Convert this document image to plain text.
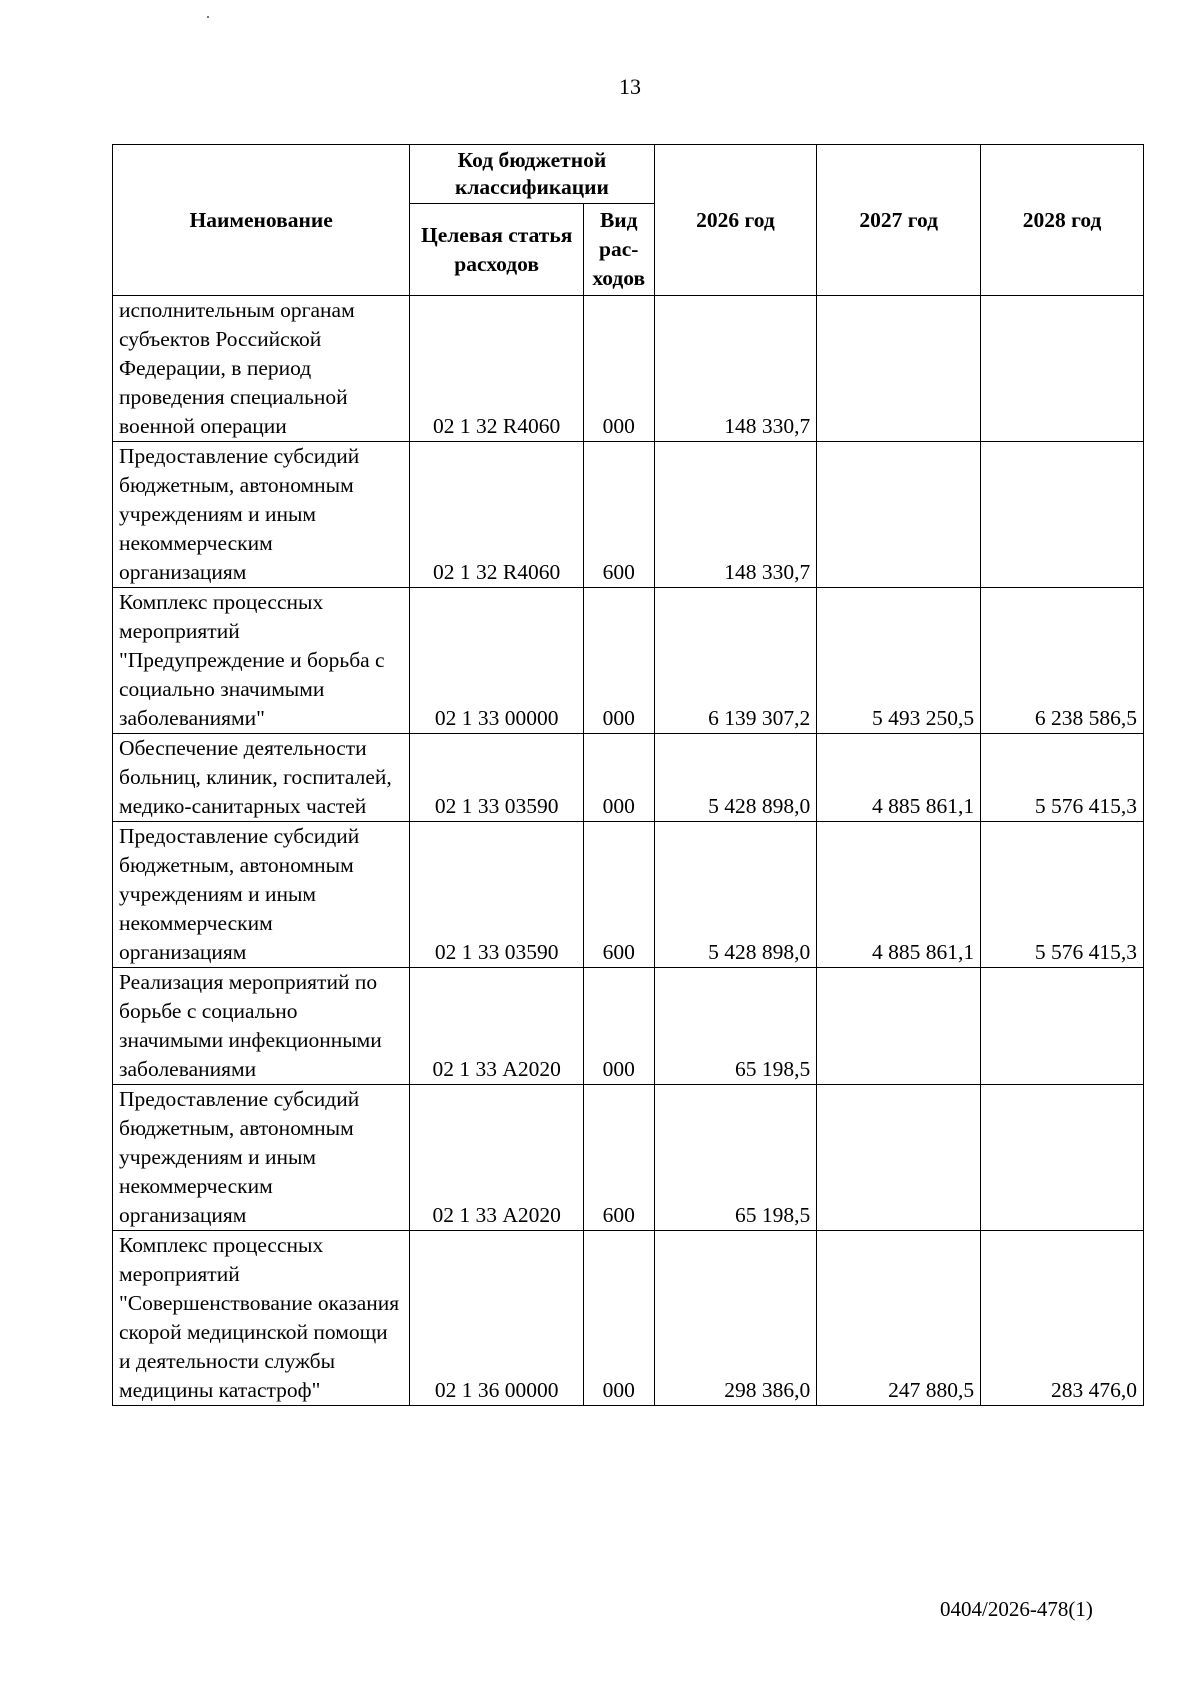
13
Наименование	Код бюджетной классификации		2026 год	2027 год	2028 год
	Целевая статья расходов	Вид рас-ходов			
исполнительным органам субъектов Российской Федерации, в период проведения специальной военной операции	02 1 32 R4060	000	148 330,7		
Предоставление субсидий бюджетным, автономным учреждениям и иным некоммерческим организациям	02 1 32 R4060	600	148 330,7		
Комплекс процессных мероприятий "Предупреждение и борьба с социально значимыми заболеваниями"	02 1 33 00000	000	6 139 307,2	5 493 250,5	6 238 586,5
Обеспечение деятельности больниц, клиник, госпиталей, медико-санитарных частей	02 1 33 03590	000	5 428 898,0	4 885 861,1	5 576 415,3
Предоставление субсидий бюджетным, автономным учреждениям и иным некоммерческим организациям	02 1 33 03590	600	5 428 898,0	4 885 861,1	5 576 415,3
Реализация мероприятий по борьбе с социально значимыми инфекционными заболеваниями	02 1 33 А2020	000	65 198,5		
Предоставление субсидий бюджетным, автономным учреждениям и иным некоммерческим организациям	02 1 33 А2020	600	65 198,5		
Комплекс процессных мероприятий "Совершенствование оказания скорой медицинской помощи и деятельности службы медицины катастроф"	02 1 36 00000	000	298 386,0	247 880,5	283 476,0
0404/2026-478(1)
